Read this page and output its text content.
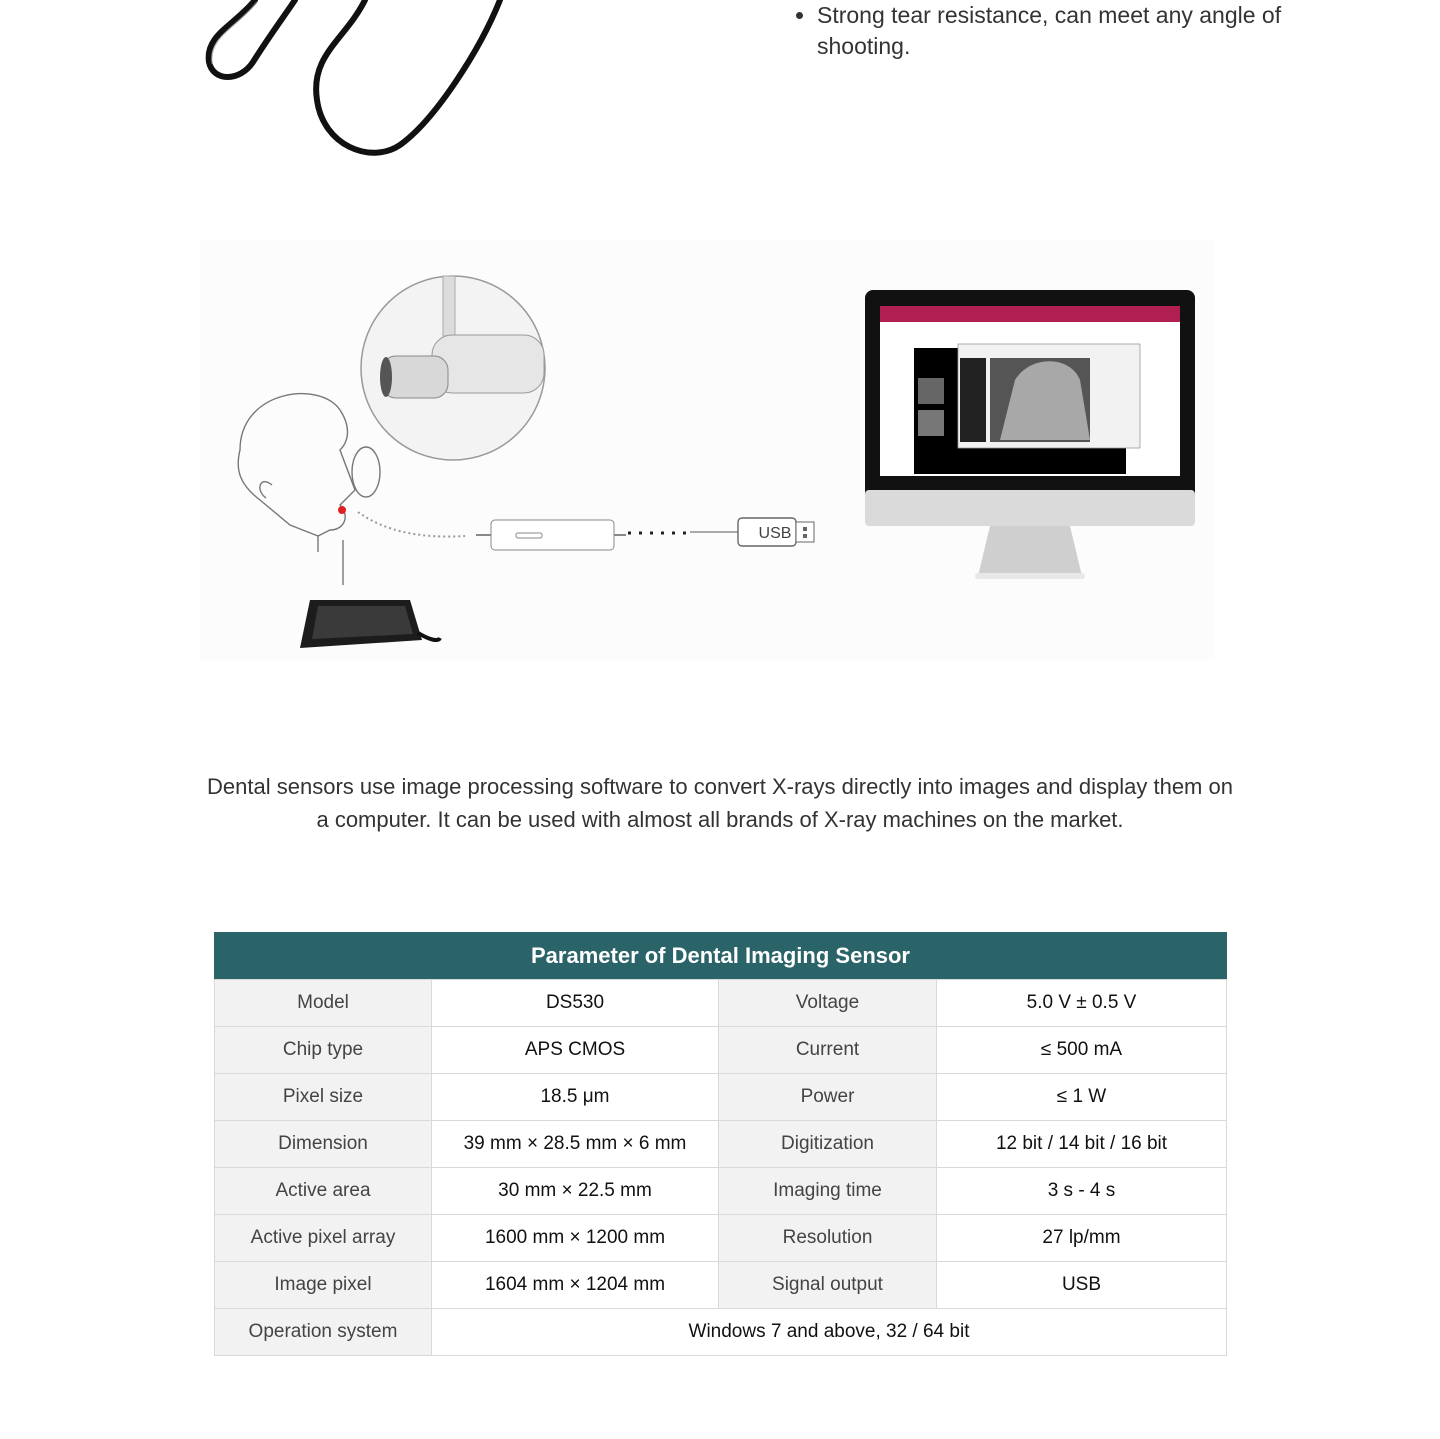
• Strong tear resistance, can meet any angle of shooting.
USB

Dental sensors use image processing software to convert X-rays directly into images and display them on a computer. It can be used with almost all brands of X-ray machines on the market.

Parameter of Dental Imaging Sensor
Model	DS530	Voltage	5.0 V ± 0.5 V
Chip type	APS CMOS	Current	≤ 500 mA
Pixel size	18.5 μm	Power	≤ 1 W
Dimension	39 mm × 28.5 mm × 6 mm	Digitization	12 bit / 14 bit / 16 bit
Active area	30 mm × 22.5 mm	Imaging time	3 s - 4 s
Active pixel array	1600 mm × 1200 mm	Resolution	27 lp/mm
Image pixel	1604 mm × 1204 mm	Signal output	USB
Operation system	Windows 7 and above, 32 / 64 bit		
